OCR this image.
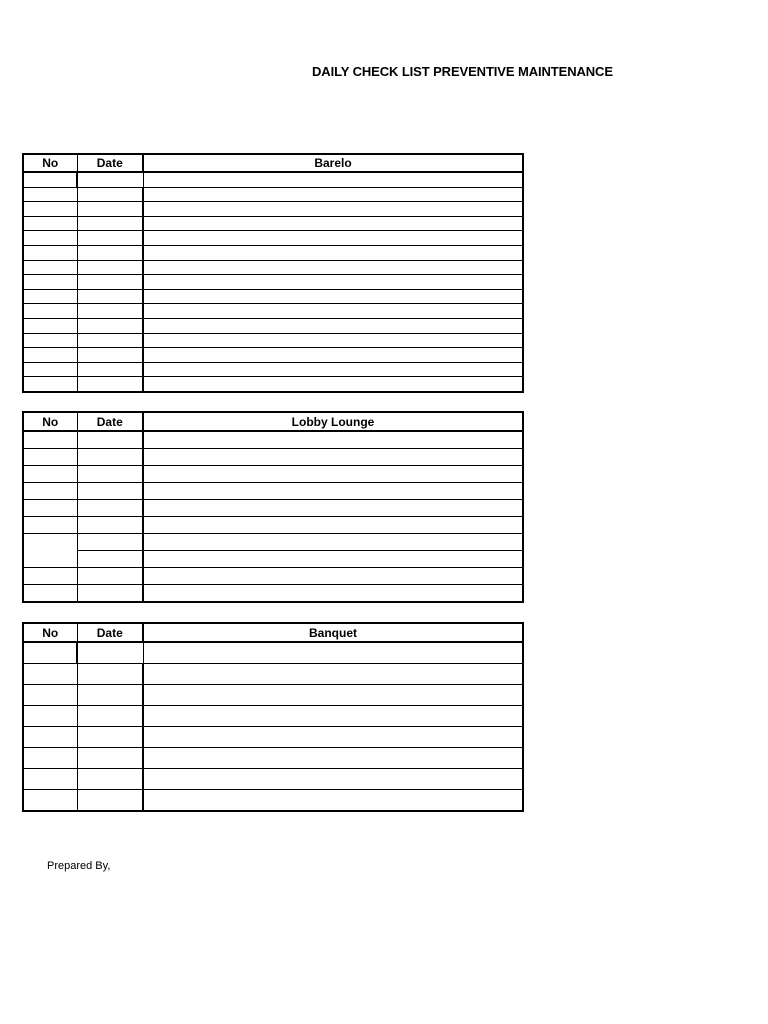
DAILY CHECK LIST PREVENTIVE MAINTENANCE
No	Date	Barelo

No	Date	Lobby Lounge

No	Date	Banquet

Prepared By,
